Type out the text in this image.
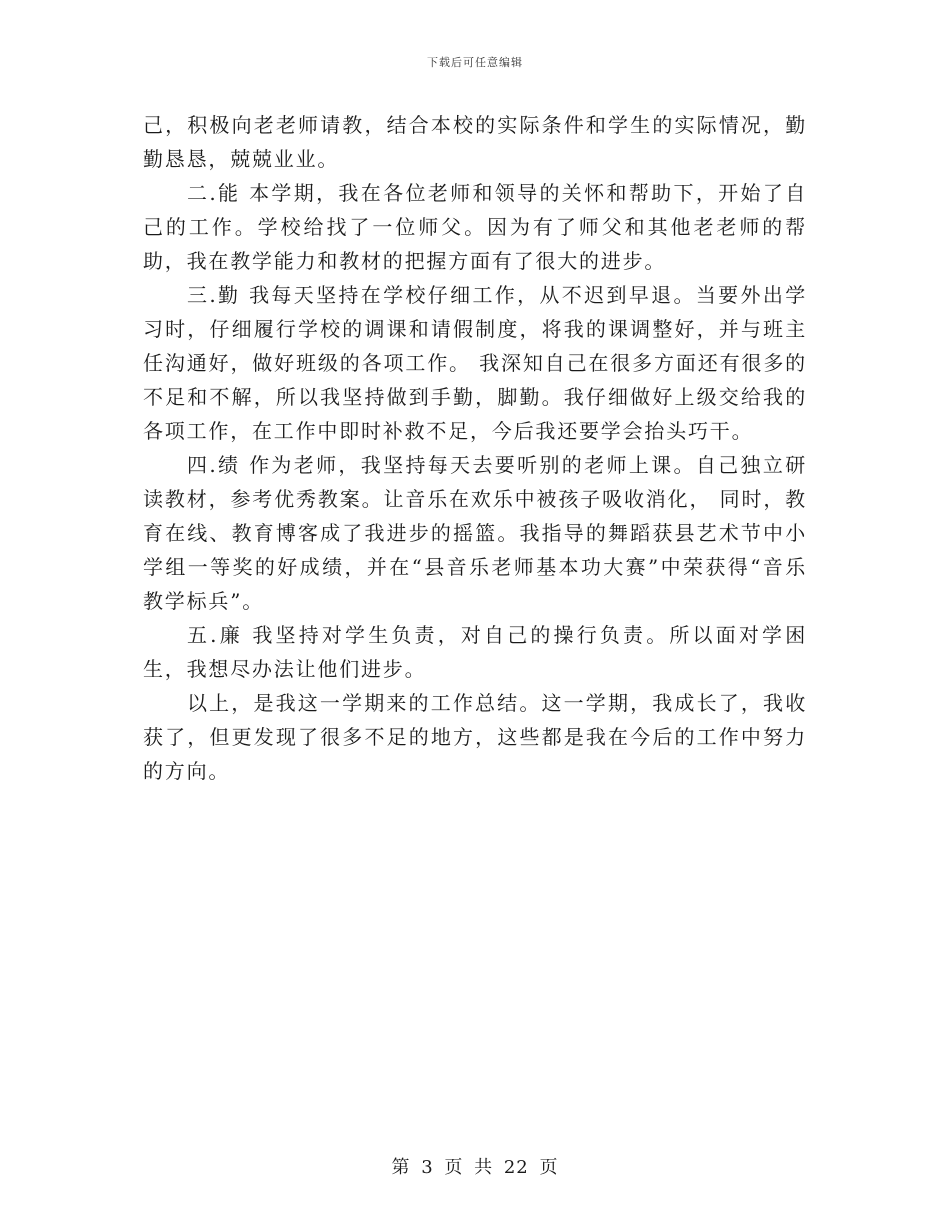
下载后可任意编辑

己，积极向老老师请教，结合本校的实际条件和学生的实际情况，勤勤恳恳，兢兢业业。

二.能 本学期，我在各位老师和领导的关怀和帮助下，开始了自己的工作。学校给找了一位师父。因为有了师父和其他老老师的帮助，我在教学能力和教材的把握方面有了很大的进步。

三.勤 我每天坚持在学校仔细工作，从不迟到早退。当要外出学习时，仔细履行学校的调课和请假制度，将我的课调整好，并与班主任沟通好，做好班级的各项工作。 我深知自己在很多方面还有很多的不足和不解，所以我坚持做到手勤，脚勤。我仔细做好上级交给我的各项工作，在工作中即时补救不足，今后我还要学会抬头巧干。

四.绩 作为老师，我坚持每天去要听别的老师上课。自己独立研读教材，参考优秀教案。让音乐在欢乐中被孩子吸收消化， 同时，教育在线、教育博客成了我进步的摇篮。我指导的舞蹈获县艺术节中小学组一等奖的好成绩，并在“县音乐老师基本功大赛”中荣获得“音乐教学标兵”。

五.廉 我坚持对学生负责，对自己的操行负责。所以面对学困生，我想尽办法让他们进步。

以上，是我这一学期来的工作总结。这一学期，我成长了，我收获了，但更发现了很多不足的地方，这些都是我在今后的工作中努力的方向。

第 3 页 共 22 页
